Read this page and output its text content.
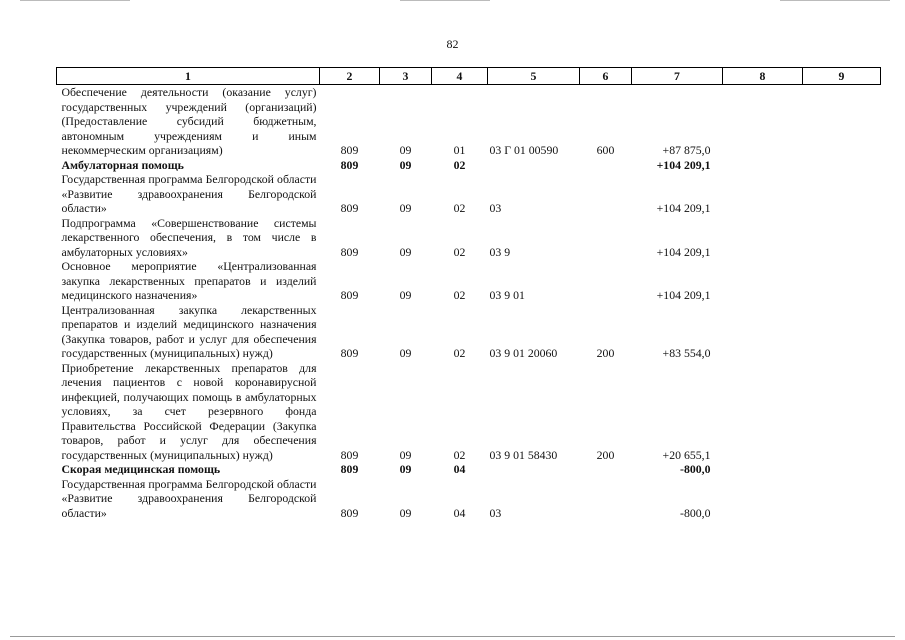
82
1	2	3	4	5	6	7	8	9
Обеспечение деятельности (оказание услуг) государственных учреждений (организаций) (Предоставление субсидий бюджетным, автономным учреждениям и иным некоммерческим организациям)	809	09	01	03 Г 01 00590	600	+87 875,0		
Амбулаторная помощь	809	09	02			+104 209,1		
Государственная программа Белгородской области «Развитие здравоохранения Белгородской области»	809	09	02	03		+104 209,1		
Подпрограмма «Совершенствование системы лекарственного обеспечения, в том числе в амбулаторных условиях»	809	09	02	03 9		+104 209,1		
Основное мероприятие «Централизованная закупка лекарственных препаратов и изделий медицинского назначения»	809	09	02	03 9 01		+104 209,1		
Централизованная закупка лекарственных препаратов и изделий медицинского назначения (Закупка товаров, работ и услуг для обеспечения государственных (муниципальных) нужд)	809	09	02	03 9 01 20060	200	+83 554,0		
Приобретение лекарственных препаратов для лечения пациентов с новой коронавирусной инфекцией, получающих помощь в амбулаторных условиях, за счет резервного фонда Правительства Российской Федерации (Закупка товаров, работ и услуг для обеспечения государственных (муниципальных) нужд)	809	09	02	03 9 01 58430	200	+20 655,1		
Скорая медицинская помощь	809	09	04			-800,0		
Государственная программа Белгородской области «Развитие здравоохранения Белгородской области»	809	09	04	03		-800,0		
